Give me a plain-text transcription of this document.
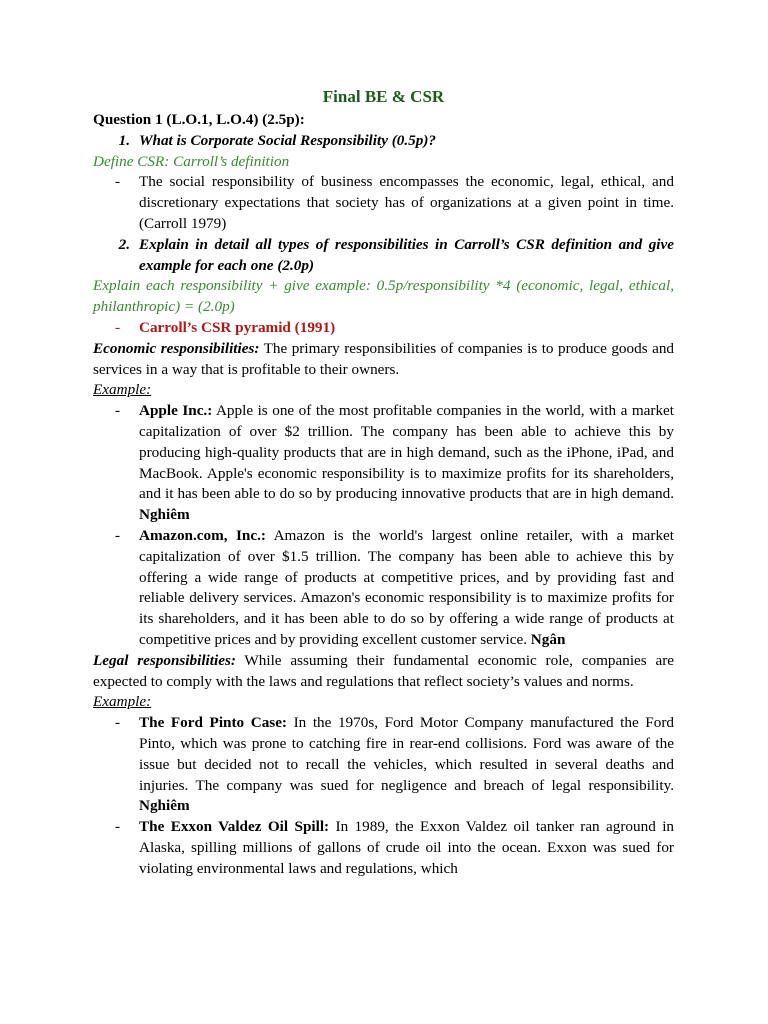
Final BE & CSR
Question 1 (L.O.1, L.O.4) (2.5p):
1. What is Corporate Social Responsibility (0.5p)?
Define CSR: Carroll’s definition
-	The social responsibility of business encompasses the economic, legal, ethical, and discretionary expectations that society has of organizations at a given point in time. (Carroll 1979)
2. Explain in detail all types of responsibilities in Carroll’s CSR definition and give example for each one (2.0p)
Explain each responsibility + give example: 0.5p/responsibility *4 (economic, legal, ethical, philanthropic) = (2.0p)
-	Carroll’s CSR pyramid (1991)
Economic responsibilities: The primary responsibilities of companies is to produce goods and services in a way that is profitable to their owners.
Example:
-	Apple Inc.: Apple is one of the most profitable companies in the world, with a market capitalization of over $2 trillion. The company has been able to achieve this by producing high-quality products that are in high demand, such as the iPhone, iPad, and MacBook. Apple's economic responsibility is to maximize profits for its shareholders, and it has been able to do so by producing innovative products that are in high demand. Nghiêm
-	Amazon.com, Inc.: Amazon is the world's largest online retailer, with a market capitalization of over $1.5 trillion. The company has been able to achieve this by offering a wide range of products at competitive prices, and by providing fast and reliable delivery services. Amazon's economic responsibility is to maximize profits for its shareholders, and it has been able to do so by offering a wide range of products at competitive prices and by providing excellent customer service. Ngân
Legal responsibilities: While assuming their fundamental economic role, companies are expected to comply with the laws and regulations that reflect society’s values and norms.
Example:
-	The Ford Pinto Case: In the 1970s, Ford Motor Company manufactured the Ford Pinto, which was prone to catching fire in rear-end collisions. Ford was aware of the issue but decided not to recall the vehicles, which resulted in several deaths and injuries. The company was sued for negligence and breach of legal responsibility. Nghiêm
-	The Exxon Valdez Oil Spill: In 1989, the Exxon Valdez oil tanker ran aground in Alaska, spilling millions of gallons of crude oil into the ocean. Exxon was sued for violating environmental laws and regulations, which
